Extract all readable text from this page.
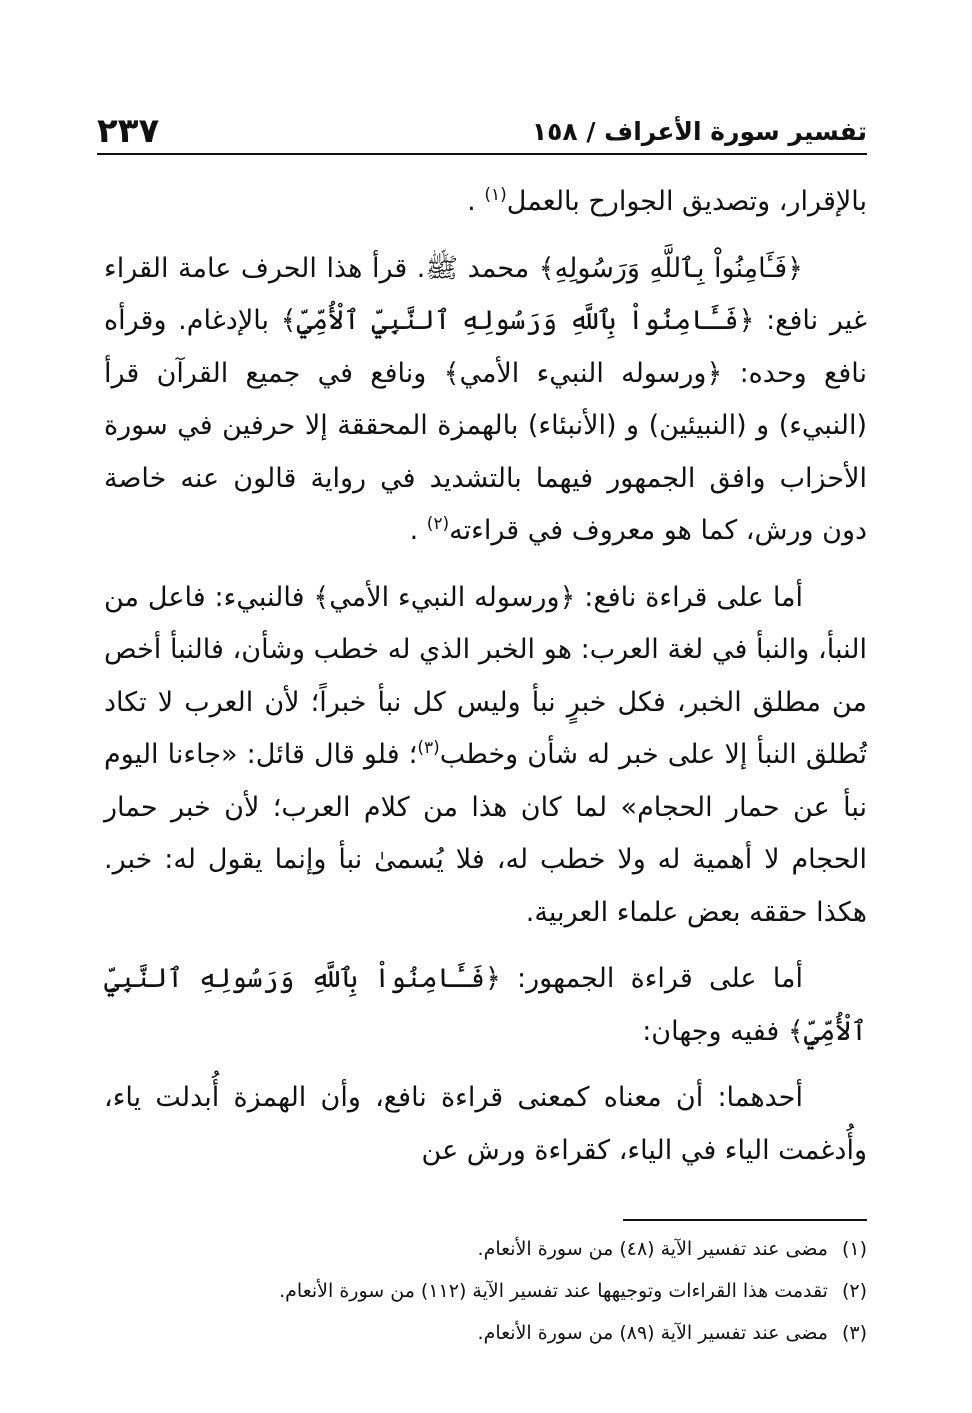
٢٣٧	تفسير سورة الأعراف / ١٥٨

بالإقرار، وتصديق الجوارح بالعمل$^{(١)}$ .

﴿فَـَٔامِنُواْ بِٱللَّهِ وَرَسُولِهِ﴾ محمد ﷺ. قرأ هذا الحرف عامة القراء غير نافع: ﴿فَـَٔامِنُواْ بِٱللَّهِ وَرَسُولِهِ ٱلنَّبِيِّ ٱلْأُمِّيِّ﴾ بالإدغام. وقرأه نافع وحده: ﴿ورسوله النبيء الأمي﴾ ونافع في جميع القرآن قرأ (النبيء) و (النبيئين) و (الأنبئاء) بالهمزة المحققة إلا حرفين في سورة الأحزاب وافق الجمهور فيهما بالتشديد في رواية قالون عنه خاصة دون ورش، كما هو معروف في قراءته$^{(٢)}$ .

أما على قراءة نافع: ﴿ورسوله النبيء الأمي﴾ فالنبيء: فاعل من النبأ، والنبأ في لغة العرب: هو الخبر الذي له خطب وشأن، فالنبأ أخص من مطلق الخبر، فكل خبرٍ نبأ وليس كل نبأ خبراً؛ لأن العرب لا تكاد تُطلق النبأ إلا على خبر له شأن وخطب$^{(٣)}$؛ فلو قال قائل: «جاءنا اليوم نبأ عن حمار الحجام» لما كان هذا من كلام العرب؛ لأن خبر حمار الحجام لا أهمية له ولا خطب له، فلا يُسمىٰ نبأ وإنما يقول له: خبر. هكذا حققه بعض علماء العربية.

أما على قراءة الجمهور: ﴿فَـَٔامِنُواْ بِٱللَّهِ وَرَسُولِهِ ٱلنَّبِيِّ ٱلْأُمِّيِّ﴾ ففيه وجهان:

أحدهما: أن معناه كمعنى قراءة نافع، وأن الهمزة أُبدلت ياء، وأُدغمت الياء في الياء، كقراءة ورش عن

(١)مضى عند تفسير الآية (٤٨) من سورة الأنعام.
(٢)تقدمت هذا القراءات وتوجيهها عند تفسير الآية (١١٢) من سورة الأنعام.
(٣)مضى عند تفسير الآية (٨٩) من سورة الأنعام.
